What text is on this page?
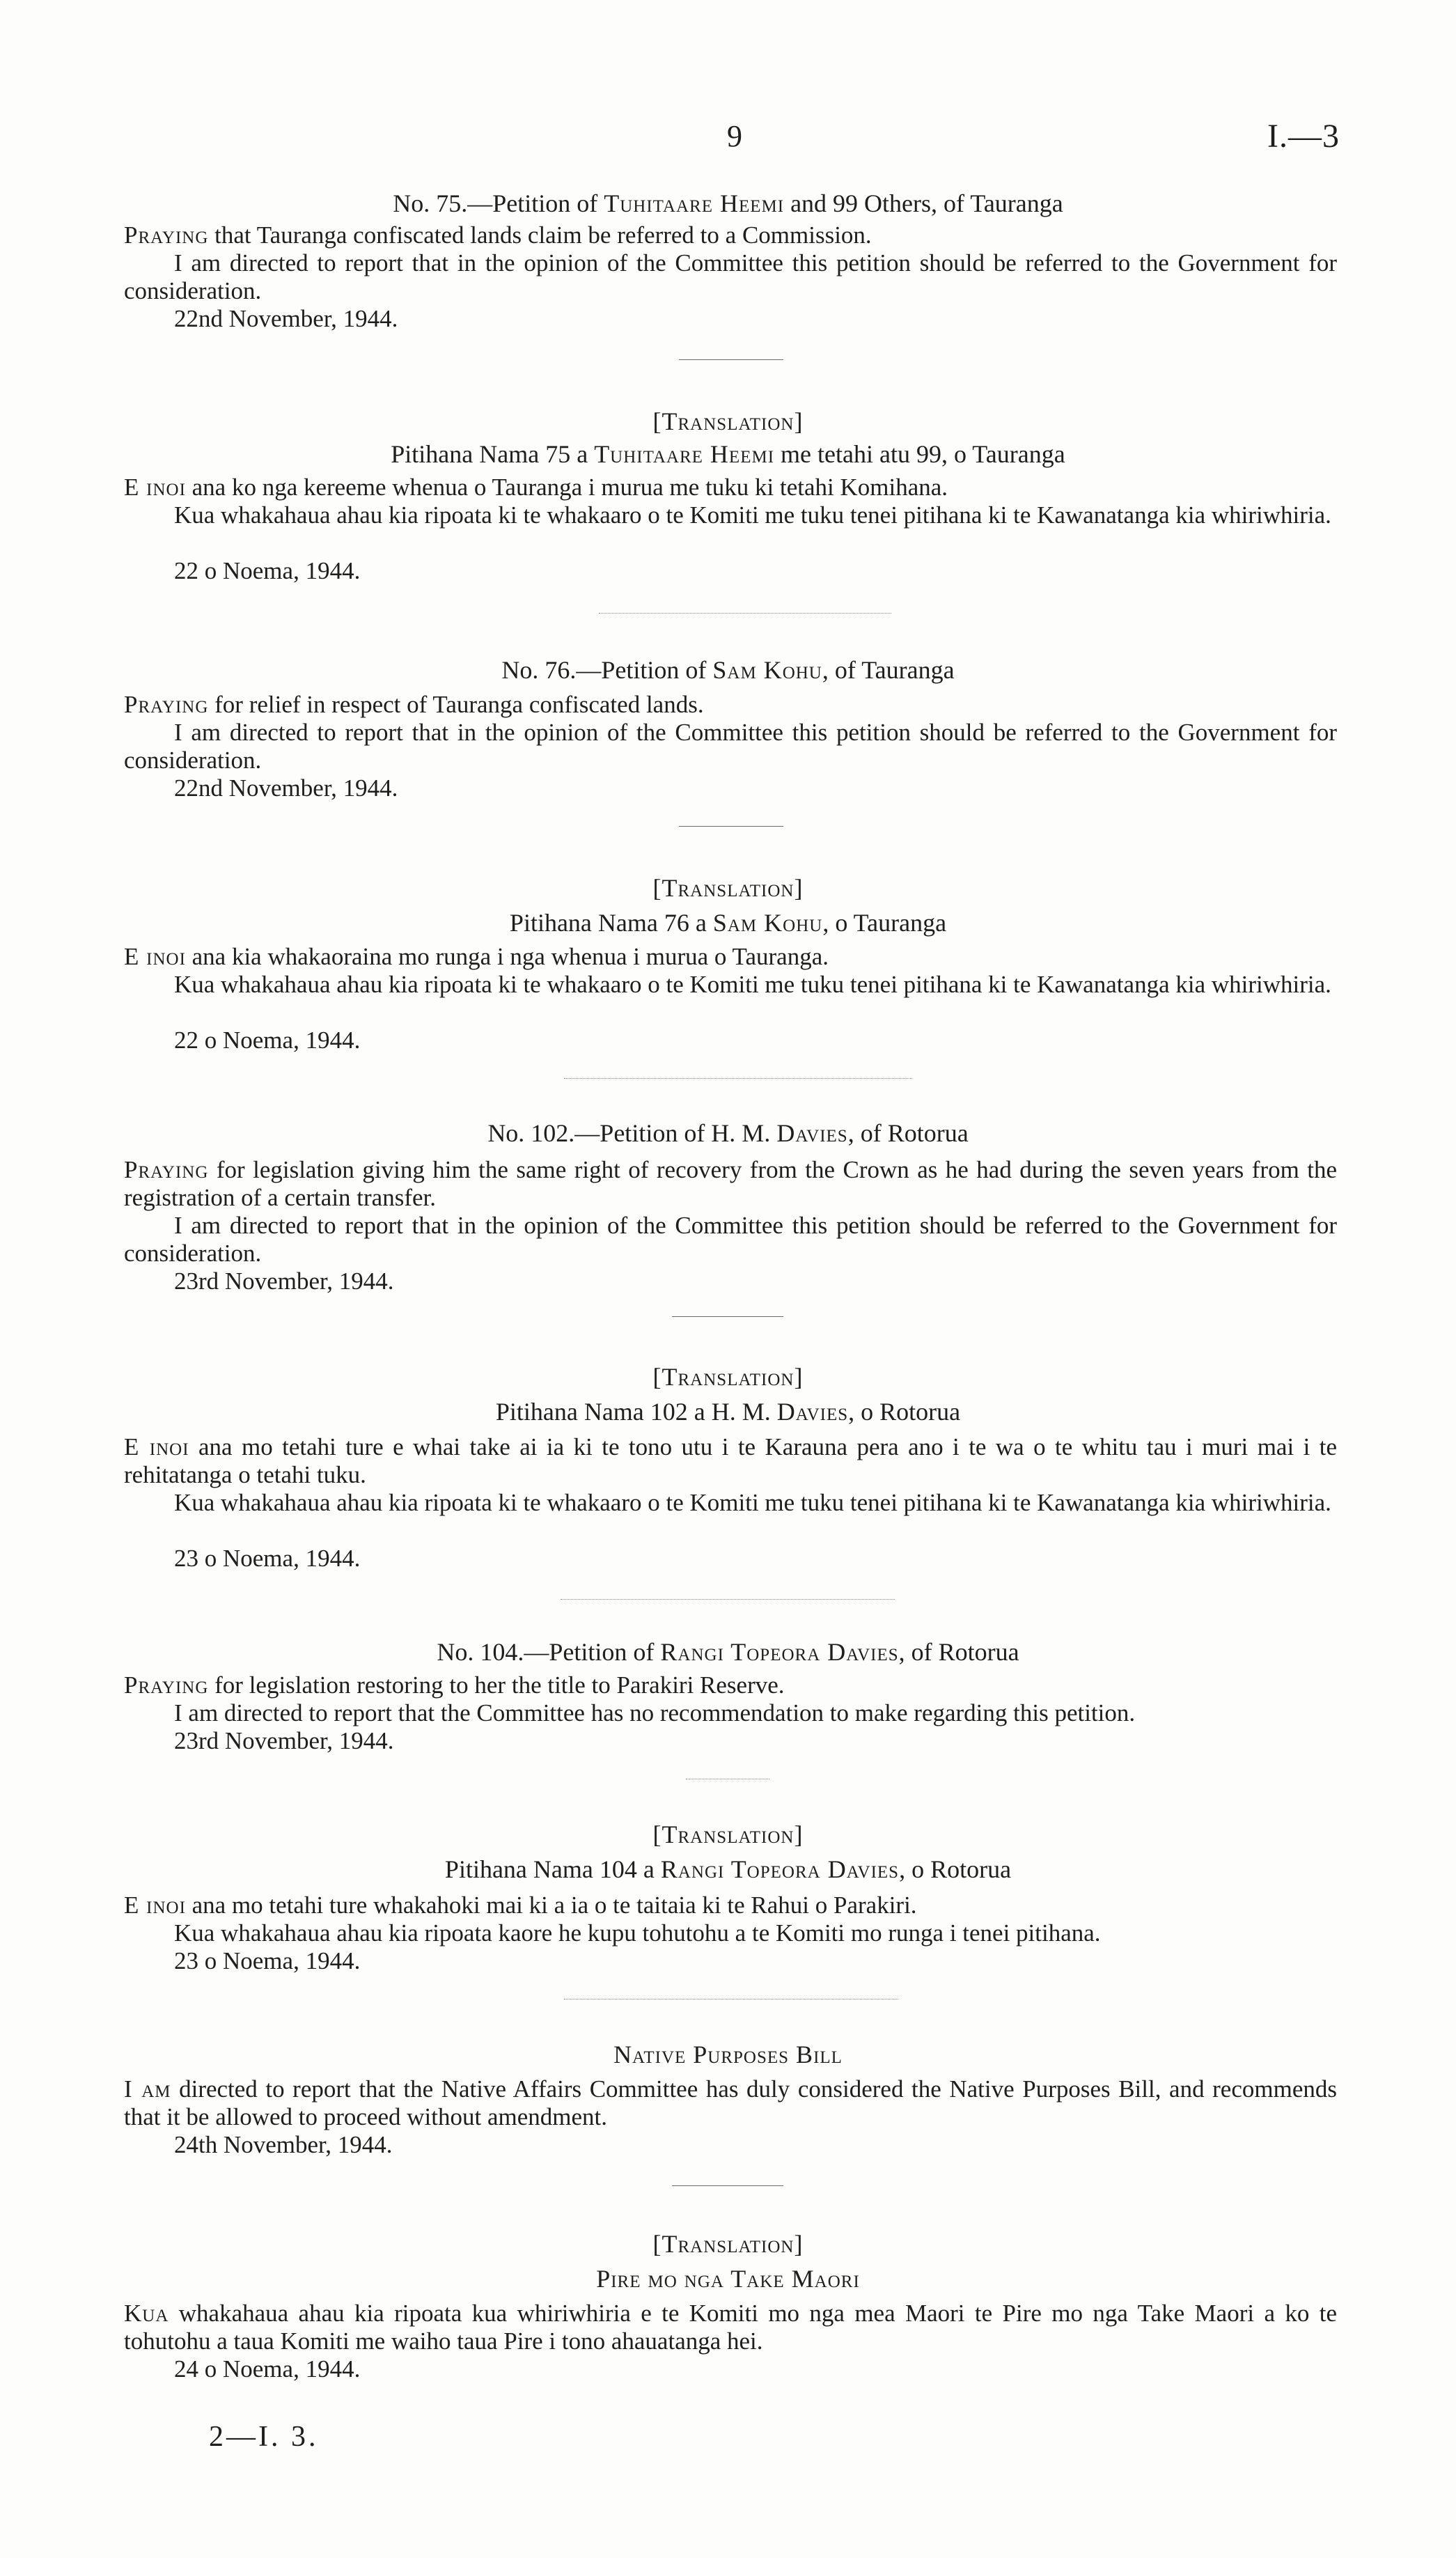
9	I.—3
No. 75.—Petition of Tuhitaare Heemi and 99 Others, of Tauranga
Praying that Tauranga confiscated lands claim be referred to a Commission.
I am directed to report that in the opinion of the Committee this petition should be referred to the Government for consideration.
22nd November, 1944.
[Translation]
Pitihana Nama 75 a Tuhitaare Heemi me tetahi atu 99, o Tauranga
E inoi ana ko nga kereeme whenua o Tauranga i murua me tuku ki tetahi Komihana.
Kua whakahaua ahau kia ripoata ki te whakaaro o te Komiti me tuku tenei pitihana ki te Kawanatanga kia whiriwhiria.
22 o Noema, 1944.
No. 76.—Petition of Sam Kohu, of Tauranga
Praying for relief in respect of Tauranga confiscated lands.
I am directed to report that in the opinion of the Committee this petition should be referred to the Government for consideration.
22nd November, 1944.
[Translation]
Pitihana Nama 76 a Sam Kohu, o Tauranga
E inoi ana kia whakaoraina mo runga i nga whenua i murua o Tauranga.
Kua whakahaua ahau kia ripoata ki te whakaaro o te Komiti me tuku tenei pitihana ki te Kawanatanga kia whiriwhiria.
22 o Noema, 1944.
No. 102.—Petition of H. M. Davies, of Rotorua
Praying for legislation giving him the same right of recovery from the Crown as he had during the seven years from the registration of a certain transfer.
I am directed to report that in the opinion of the Committee this petition should be referred to the Government for consideration.
23rd November, 1944.
[Translation]
Pitihana Nama 102 a H. M. Davies, o Rotorua
E inoi ana mo tetahi ture e whai take ai ia ki te tono utu i te Karauna pera ano i te wa o te whitu tau i muri mai i te rehitatanga o tetahi tuku.
Kua whakahaua ahau kia ripoata ki te whakaaro o te Komiti me tuku tenei pitihana ki te Kawanatanga kia whiriwhiria.
23 o Noema, 1944.
No. 104.—Petition of Rangi Topeora Davies, of Rotorua
Praying for legislation restoring to her the title to Parakiri Reserve.
I am directed to report that the Committee has no recommendation to make regarding this petition.
23rd November, 1944.
[Translation]
Pitihana Nama 104 a Rangi Topeora Davies, o Rotorua
E inoi ana mo tetahi ture whakahoki mai ki a ia o te taitaia ki te Rahui o Parakiri.
Kua whakahaua ahau kia ripoata kaore he kupu tohutohu a te Komiti mo runga i tenei pitihana.
23 o Noema, 1944.
Native Purposes Bill
I am directed to report that the Native Affairs Committee has duly considered the Native Purposes Bill, and recommends that it be allowed to proceed without amendment.
24th November, 1944.
[Translation]
Pire mo nga Take Maori
Kua whakahaua ahau kia ripoata kua whiriwhiria e te Komiti mo nga mea Maori te Pire mo nga Take Maori a ko te tohutohu a taua Komiti me waiho taua Pire i tono ahauatanga hei.
24 o Noema, 1944.
2—I. 3.
